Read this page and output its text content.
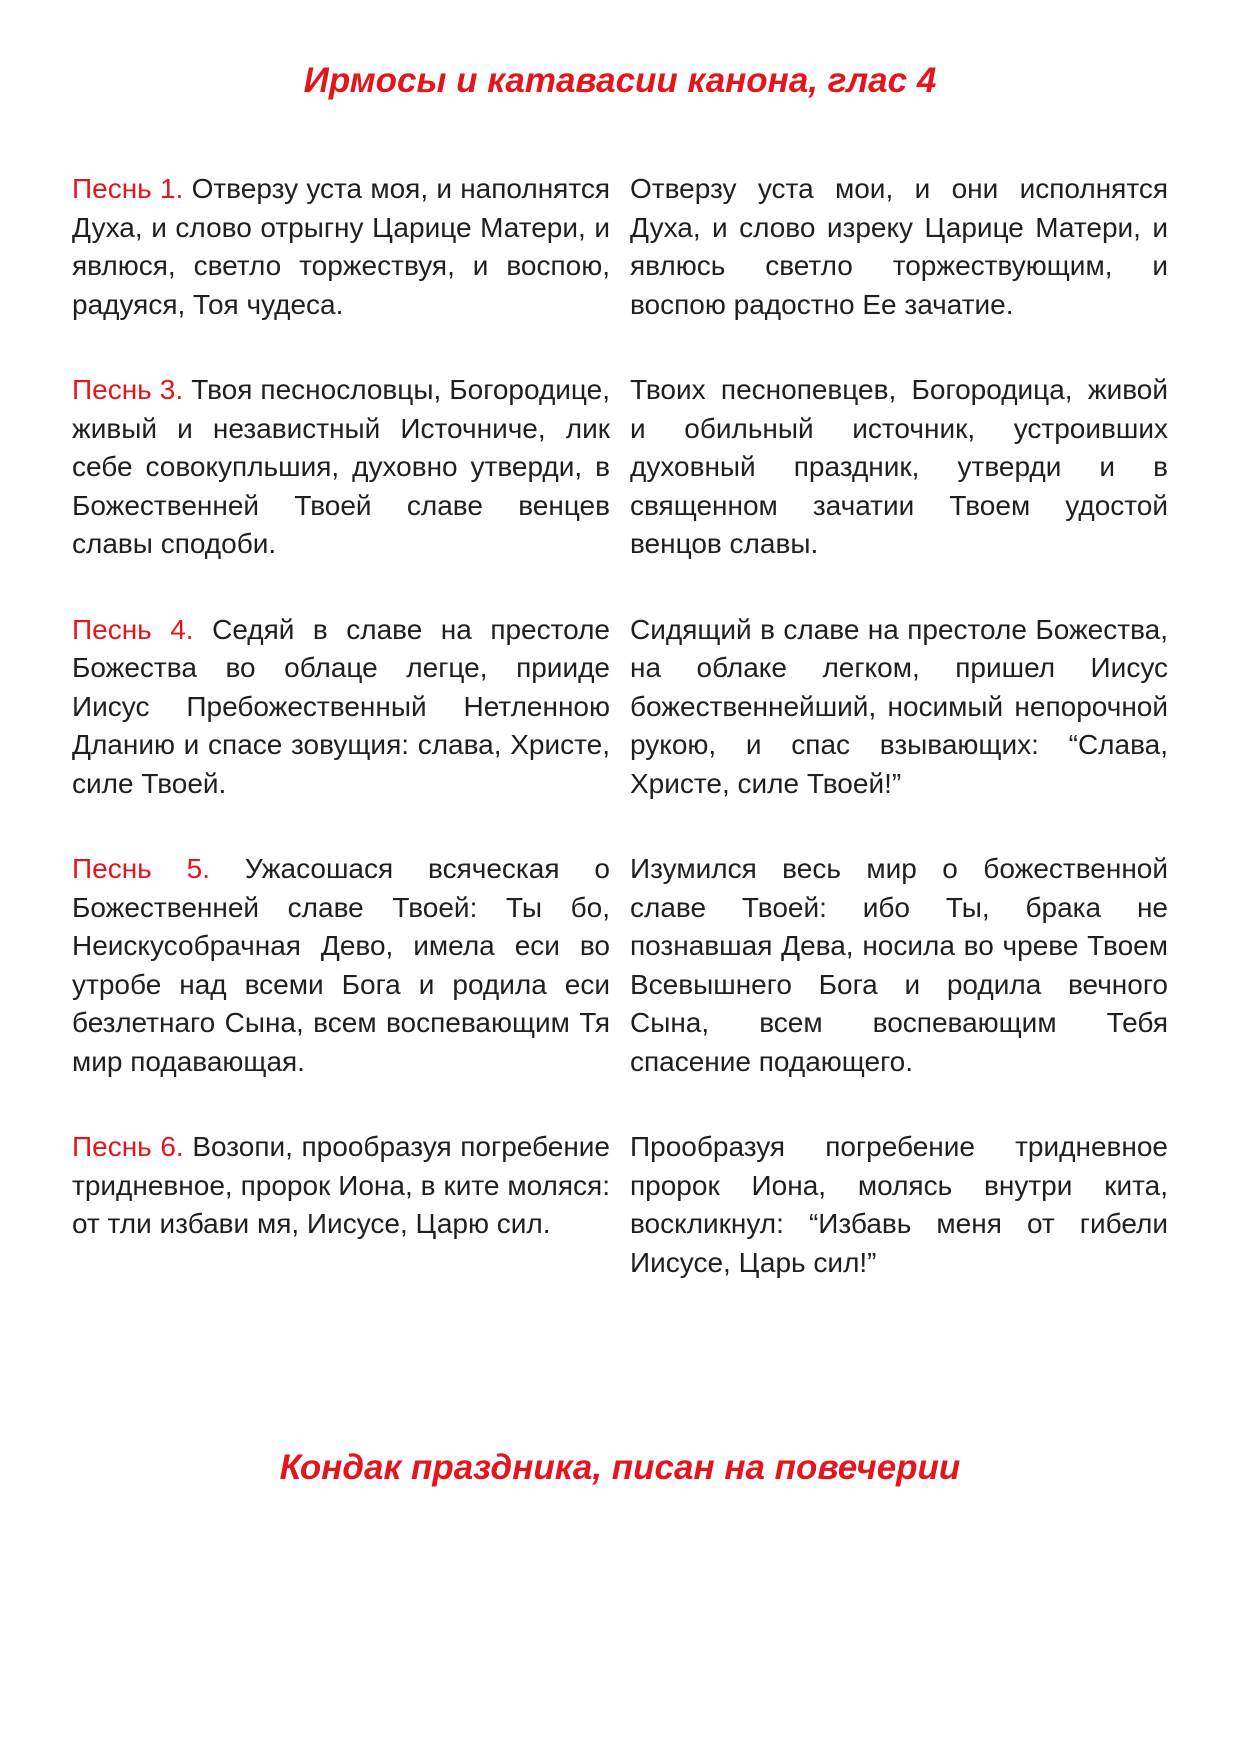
Ирмосы и катавасии канона, глас 4

Песнь 1. Отверзу уста моя, и наполнятся Духа, и слово отрыгну Царице Матери, и явлюся, светло торжествуя, и воспою, радуяся, Тоя чудеса.

Отверзу уста мои, и они исполнятся Духа, и слово изреку Царице Матери, и явлюсь светло торжествующим, и воспою радостно Ее зачатие.

Песнь 3. Твоя песнословцы, Богородице, живый и независтный Источниче, лик себе совокупльшия, духовно утверди, в Божественней Твоей славе венцев славы сподоби.

Твоих песнопевцев, Богородица, живой и обильный источник, устроивших духовный праздник, утверди и в священном зачатии Твоем удостой венцов славы.

Песнь 4. Седяй в славе на престоле Божества во облаце легце, прииде Иисус Пребожественный Нетленною Дланию и спасе зовущия: слава, Христе, силе Твоей.

Сидящий в славе на престоле Божества, на облаке легком, пришел Иисус божественнейший, носимый непорочной рукою, и спас взывающих: “Слава, Христе, силе Твоей!”

Песнь 5. Ужасошася всяческая о Божественней славе Твоей: Ты бо, Неискусобрачная Дево, имела еси во утробе над всеми Бога и родила еси безлетнаго Сына, всем воспевающим Тя мир подавающая.

Изумился весь мир о божественной славе Твоей: ибо Ты, брака не познавшая Дева, носила во чреве Твоем Всевышнего Бога и родила вечного Сына, всем воспевающим Тебя спасение подающего.

Песнь 6. Возопи, прообразуя погребение тридневное, пророк Иона, в ките моляся: от тли избави мя, Иисусе, Царю сил.

Прообразуя погребение тридневное пророк Иона, молясь внутри кита, воскликнул: “Избавь меня от гибели Иисусе, Царь сил!”

Кондак праздника, писан на повечерии
